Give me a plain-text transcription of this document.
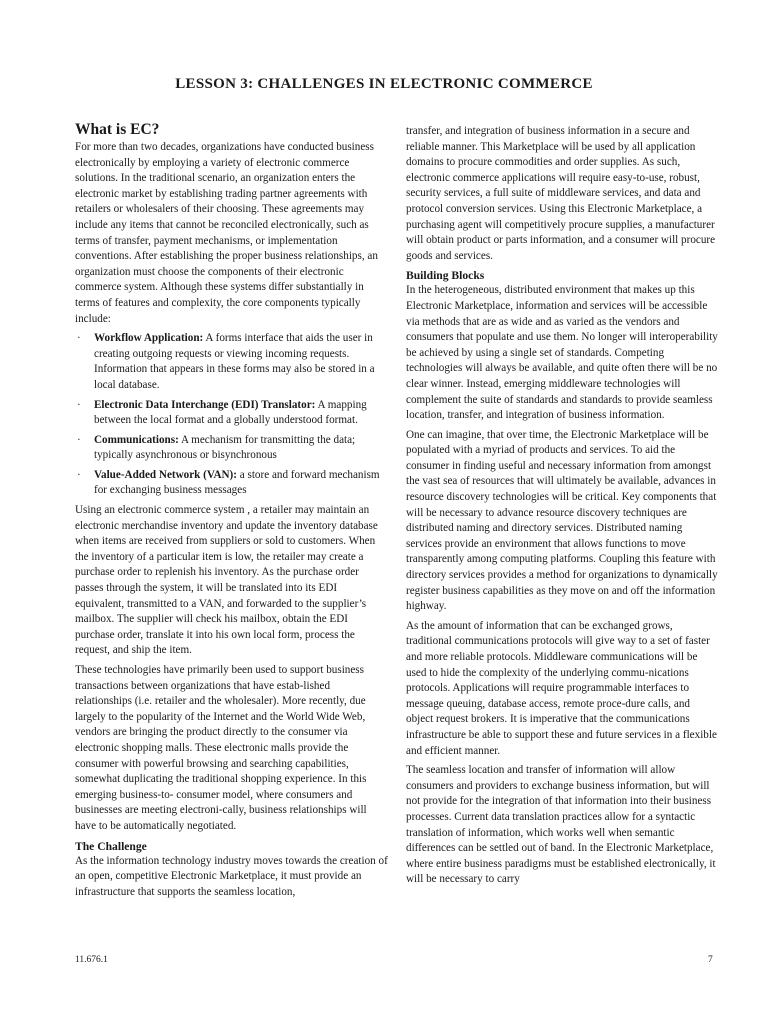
LESSON 3: CHALLENGES IN ELECTRONIC COMMERCE
What is EC?

For more than two decades, organizations have conducted business electronically by employing a variety of electronic commerce solutions. In the traditional scenario, an organization enters the electronic market by establishing trading partner agreements with retailers or wholesalers of their choosing. These agreements may include any items that cannot be reconciled electronically, such as terms of transfer, payment mechanisms, or implementation conventions. After establishing the proper business relationships, an organization must choose the components of their electronic commerce system. Although these systems differ substantially in terms of features and complexity, the core components typically include:

· Workflow Application: A forms interface that aids the user in creating outgoing requests or viewing incoming requests. Information that appears in these forms may also be stored in a local database.
· Electronic Data Interchange (EDI) Translator: A mapping between the local format and a globally understood format.
· Communications: A mechanism for transmitting the data; typically asynchronous or bisynchronous
· Value-Added Network (VAN): a store and forward mechanism for exchanging business messages

Using an electronic commerce system , a retailer may maintain an electronic merchandise inventory and update the inventory database when items are received from suppliers or sold to customers. When the inventory of a particular item is low, the retailer may create a purchase order to replenish his inventory. As the purchase order passes through the system, it will be translated into its EDI equivalent, transmitted to a VAN, and forwarded to the supplier’s mailbox. The supplier will check his mailbox, obtain the EDI purchase order, translate it into his own local form, process the request, and ship the item.

These technologies have primarily been used to support business transactions between organizations that have estab-lished relationships (i.e. retailer and the wholesaler). More recently, due largely to the popularity of the Internet and the World Wide Web, vendors are bringing the product directly to the consumer via electronic shopping malls. These electronic malls provide the consumer with powerful browsing and searching capabilities, somewhat duplicating the traditional shopping experience. In this emerging business-to- consumer model, where consumers and businesses are meeting electroni-cally, business relationships will have to be automatically negotiated.

The Challenge

As the information technology industry moves towards the creation of an open, competitive Electronic Marketplace, it must provide an infrastructure that supports the seamless location,

transfer, and integration of business information in a secure and reliable manner. This Marketplace will be used by all application domains to procure commodities and order supplies. As such, electronic commerce applications will require easy-to-use, robust, security services, a full suite of middleware services, and data and protocol conversion services. Using this Electronic Marketplace, a purchasing agent will competitively procure supplies, a manufacturer will obtain product or parts information, and a consumer will procure goods and services.

Building Blocks

In the heterogeneous, distributed environment that makes up this Electronic Marketplace, information and services will be accessible via methods that are as wide and as varied as the vendors and consumers that populate and use them. No longer will interoperability be achieved by using a single set of standards. Competing technologies will always be available, and quite often there will be no clear winner. Instead, emerging middleware technologies will complement the suite of standards and standards to provide seamless location, transfer, and integration of business information.

One can imagine, that over time, the Electronic Marketplace will be populated with a myriad of products and services. To aid the consumer in finding useful and necessary information from amongst the vast sea of resources that will ultimately be available, advances in resource discovery technologies will be critical. Key components that will be necessary to advance resource discovery techniques are distributed naming and directory services. Distributed naming services provide an environment that allows functions to move transparently among computing platforms. Coupling this feature with directory services provides a method for organizations to dynamically register business capabilities as they move on and off the information highway.

As the amount of information that can be exchanged grows, traditional communications protocols will give way to a set of faster and more reliable protocols. Middleware communications will be used to hide the complexity of the underlying commu-nications protocols. Applications will require programmable interfaces to message queuing, database access, remote proce-dure calls, and object request brokers. It is imperative that the communications infrastructure be able to support these and future services in a flexible and efficient manner.

The seamless location and transfer of information will allow consumers and providers to exchange business information, but will not provide for the integration of that information into their business processes. Current data translation practices allow for a syntactic translation of information, which works well when semantic differences can be settled out of band. In the Electronic Marketplace, where entire business paradigms must be established electronically, it will be necessary to carry

11.676.1	7
